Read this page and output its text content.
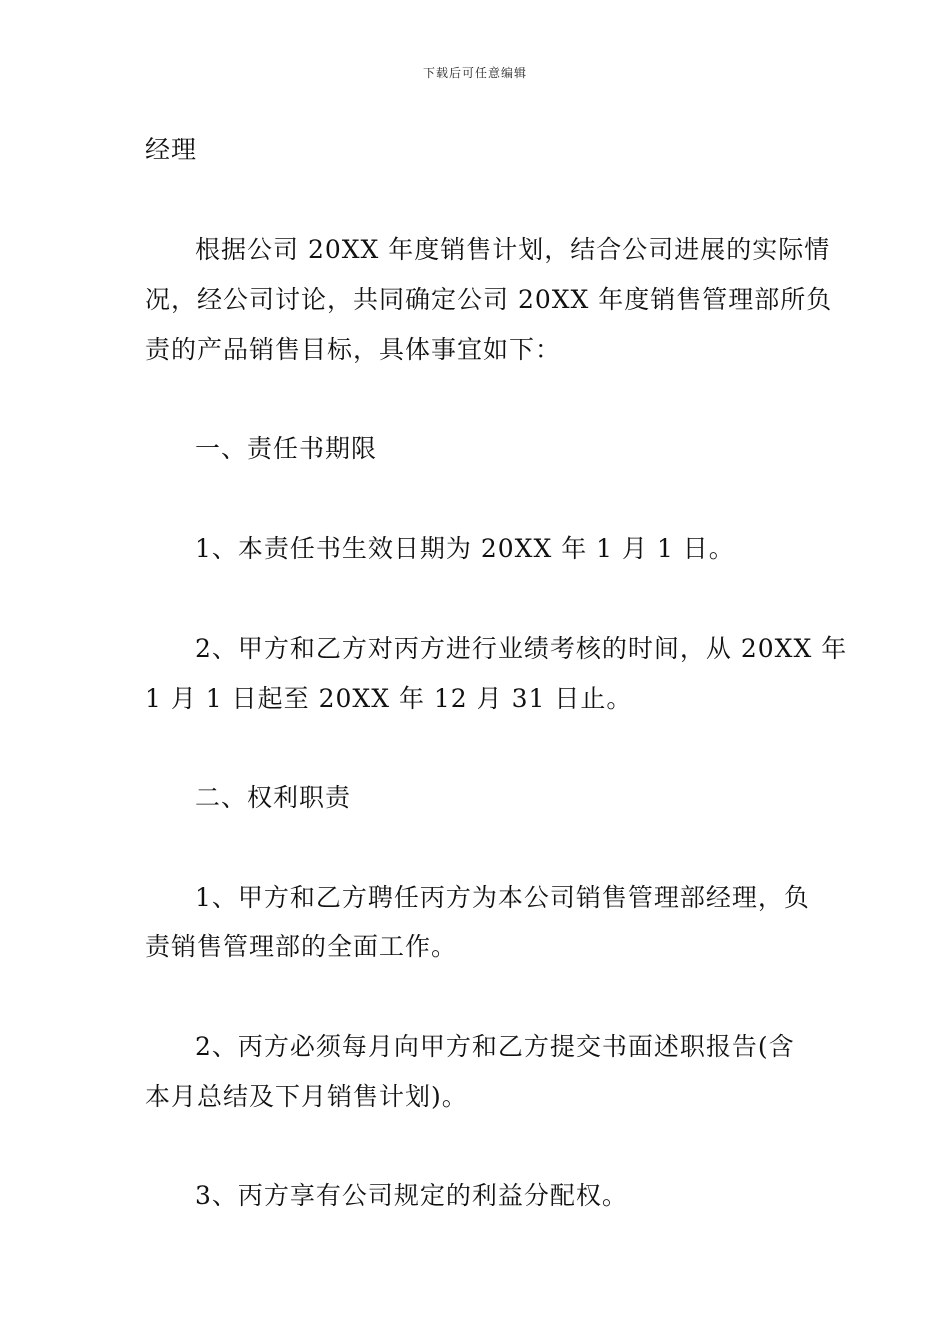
下载后可任意编辑
经理
根据公司 20XX 年度销售计划，结合公司进展的实际情
况，经公司讨论，共同确定公司 20XX 年度销售管理部所负
责的产品销售目标，具体事宜如下：
一、责任书期限
1、本责任书生效日期为 20XX 年 1 月 1 日。
2、甲方和乙方对丙方进行业绩考核的时间，从 20XX 年
1 月 1 日起至 20XX 年 12 月 31 日止。
二、权利职责
1、甲方和乙方聘任丙方为本公司销售管理部经理，负
责销售管理部的全面工作。
2、丙方必须每月向甲方和乙方提交书面述职报告(含
本月总结及下月销售计划)。
3、丙方享有公司规定的利益分配权。
